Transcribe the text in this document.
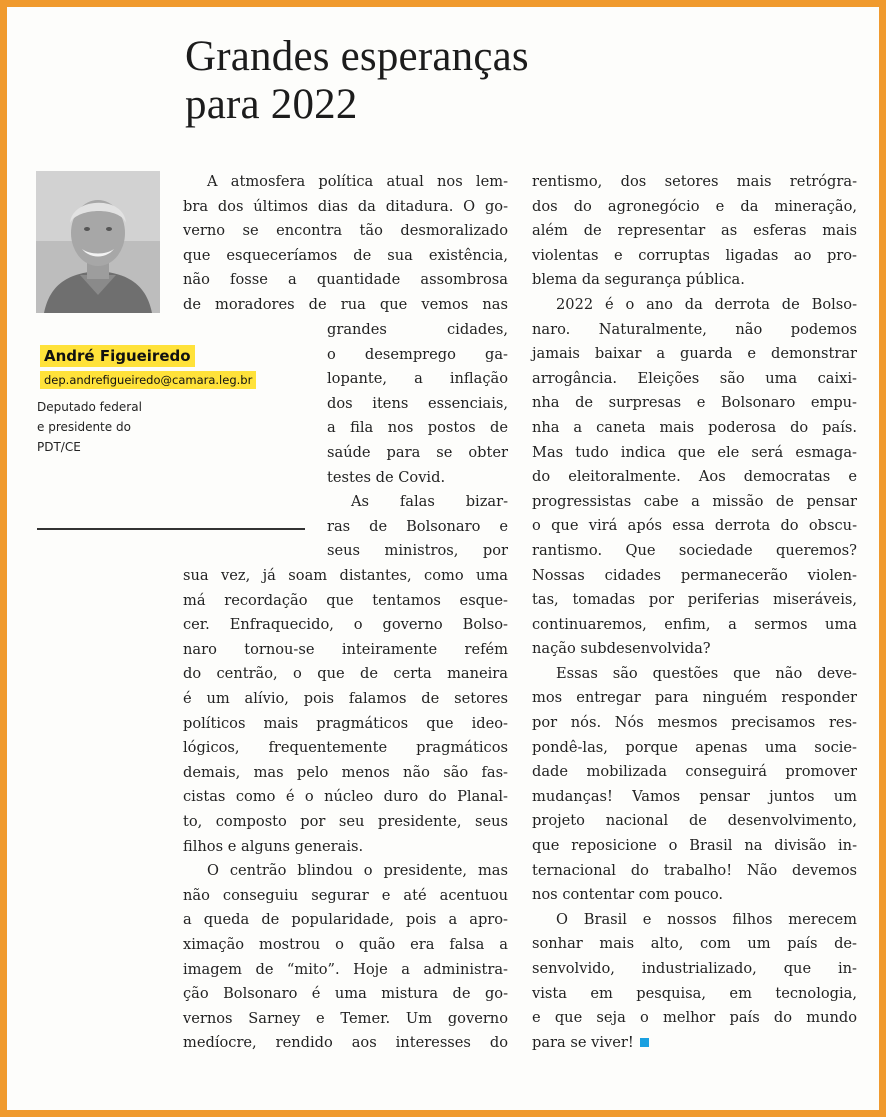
Grandes esperanças
para 2022
André Figueiredo
dep.andrefigueiredo@camara.leg.br
Deputado federal
e presidente do
PDT/CE
A atmosfera política atual nos lem-
bra dos últimos dias da ditadura. O go-
verno se encontra tão desmoralizado
que esqueceríamos de sua existência,
não fosse a quantidade assombrosa
de moradores de rua que vemos nas
grandes cidades,
o desemprego ga-
lopante, a inflação
dos itens essenciais,
a fila nos postos de
saúde para se obter
testes de Covid.
As falas bizar-
ras de Bolsonaro e
seus ministros, por
sua vez, já soam distantes, como uma
má recordação que tentamos esque-
cer. Enfraquecido, o governo Bolso-
naro tornou-se inteiramente refém
do centrão, o que de certa maneira
é um alívio, pois falamos de setores
políticos mais pragmáticos que ideo-
lógicos, frequentemente pragmáticos
demais, mas pelo menos não são fas-
cistas como é o núcleo duro do Planal-
to, composto por seu presidente, seus
filhos e alguns generais.
O centrão blindou o presidente, mas
não conseguiu segurar e até acentuou
a queda de popularidade, pois a apro-
ximação mostrou o quão era falsa a
imagem de “mito”. Hoje a administra-
ção Bolsonaro é uma mistura de go-
vernos Sarney e Temer. Um governo
medíocre, rendido aos interesses do
rentismo, dos setores mais retrógra-
dos do agronegócio e da mineração,
além de representar as esferas mais
violentas e corruptas ligadas ao pro-
blema da segurança pública.
2022 é o ano da derrota de Bolso-
naro. Naturalmente, não podemos
jamais baixar a guarda e demonstrar
arrogância. Eleições são uma caixi-
nha de surpresas e Bolsonaro empu-
nha a caneta mais poderosa do país.
Mas tudo indica que ele será esmaga-
do eleitoralmente. Aos democratas e
progressistas cabe a missão de pensar
o que virá após essa derrota do obscu-
rantismo. Que sociedade queremos?
Nossas cidades permanecerão violen-
tas, tomadas por periferias miseráveis,
continuaremos, enfim, a sermos uma
nação subdesenvolvida?
Essas são questões que não deve-
mos entregar para ninguém responder
por nós. Nós mesmos precisamos res-
pondê-las, porque apenas uma socie-
dade mobilizada conseguirá promover
mudanças! Vamos pensar juntos um
projeto nacional de desenvolvimento,
que reposicione o Brasil na divisão in-
ternacional do trabalho! Não devemos
nos contentar com pouco.
O Brasil e nossos filhos merecem
sonhar mais alto, com um país de-
senvolvido, industrializado, que in-
vista em pesquisa, em tecnologia,
e que seja o melhor país do mundo
para se viver!
